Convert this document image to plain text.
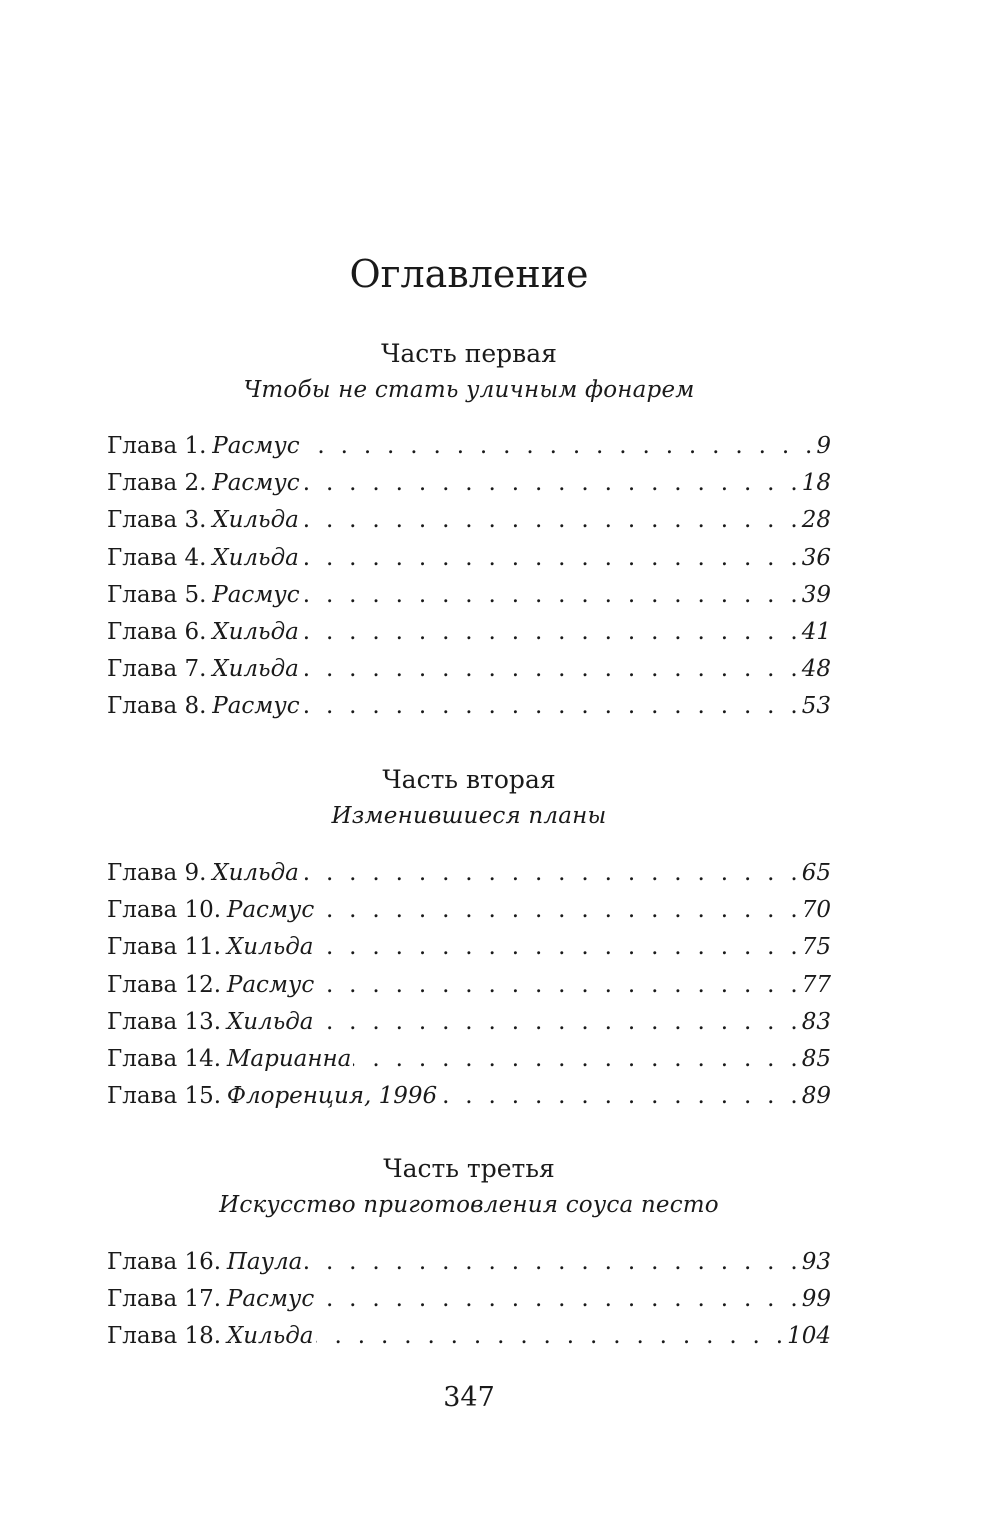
Оглавление
Часть первая
Чтобы не стать уличным фонарем
Глава 1. Расмус . . .	9
Глава 2. Расмус . . .	18
Глава 3. Хильда . . .	28
Глава 4. Хильда . . .	36
Глава 5. Расмус . . .	39
Глава 6. Хильда . . .	41
Глава 7. Хильда . . .	48
Глава 8. Расмус . . .	53
Часть вторая
Изменившиеся планы
Глава 9. Хильда . . .	65
Глава 10. Расмус . . .	70
Глава 11. Хильда . . .	75
Глава 12. Расмус . . .	77
Глава 13. Хильда . . .	83
Глава 14. Марианна . . .	85
Глава 15. Флоренция, 1996 . . .	89
Часть третья
Искусство приготовления соуса песто
Глава 16. Паула . . .	93
Глава 17. Расмус . . .	99
Глава 18. Хильда . . .	104
347
